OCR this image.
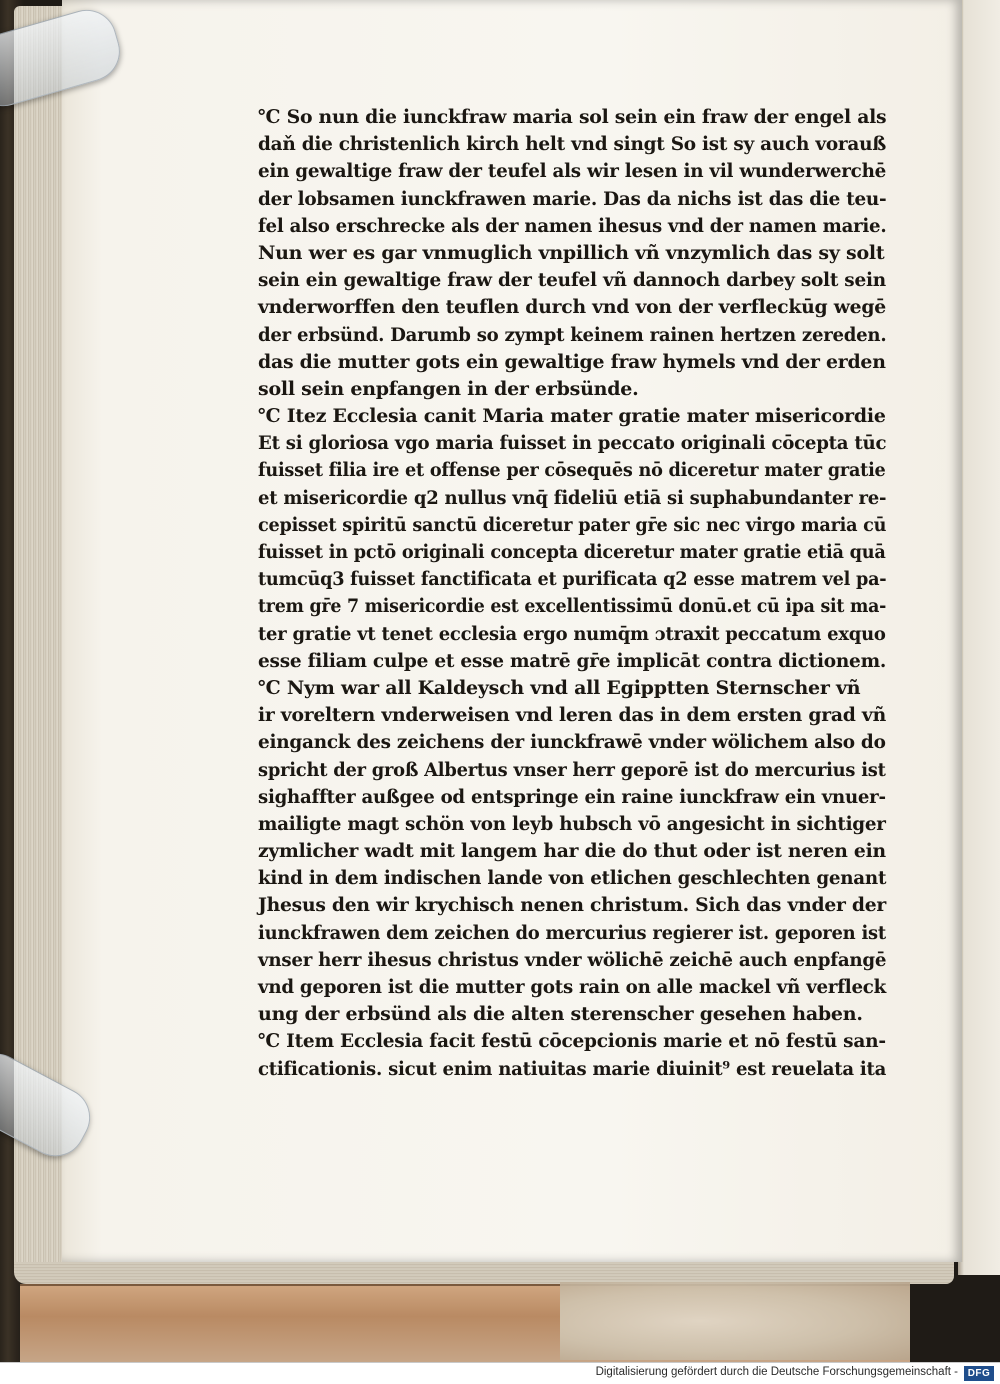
℃ So nun die iunckfraw maria sol sein ein fraw der engel als
daň die christenlich kirch helt vnd singt So ist sy auch vorauß
ein gewaltige fraw der teufel als wir lesen in vil wunderwerchē
der lobsamen iunckfrawen marie. Das da nichs ist das die teu-
fel also erschrecke als der namen ihesus vnd der namen marie.
Nun wer es gar vnmuglich vnpillich vñ vnzymlich das sy solt
sein ein gewaltige fraw der teufel vñ dannoch darbey solt sein
vnderworffen den teuflen durch vnd von der verfleckūg wegē
der erbsünd. Darumb so zympt keinem rainen hertzen zereden.
das die mutter gots ein gewaltige fraw hymels vnd der erden
soll sein enpfangen in der erbsünde.
℃ Itez Ecclesia canit Maria mater gratie mater misericordie
Et si gloriosa vgo maria fuisset in peccato originali cōcepta tūc
fuisset filia ire et offense per cōsequēs nō diceretur mater gratie
et misericordie q2 nullus vnq̄ fideliū etiā si suphabundanter re-
cepisset spiritū sanctū diceretur pater gr̄e sic nec virgo maria cū
fuisset in pctō originali concepta diceretur mater gratie etiā quā
tumcūq3 fuisset fanctificata et purificata q2 esse matrem vel pa-
trem gr̄e 7 misericordie est excellentissimū donū.et cū ipa sit ma-
ter gratie vt tenet ecclesia ergo numq̄m ɔtraxit peccatum exquo
esse filiam culpe et esse matrē gr̄e implicāt contra dictionem.
℃ Nym war all Kaldeysch vnd all Egipptten Sternscher vñ
ir voreltern vnderweisen vnd leren das in dem ersten grad vñ
einganck des zeichens der iunckfrawē vnder wölichem also do
spricht der groß Albertus vnser herr geporē ist do mercurius ist
sighaffter außgee od entspringe ein raine iunckfraw ein vnuer-
mailigte magt schön von leyb hubsch vō angesicht in sichtiger
zymlicher wadt mit langem har die do thut oder ist neren ein
kind in dem indischen lande von etlichen geschlechten genant
Jhesus den wir krychisch nenen christum. Sich das vnder der
iunckfrawen dem zeichen do mercurius regierer ist. geporen ist
vnser herr ihesus christus vnder wölichē zeichē auch enpfangē
vnd geporen ist die mutter gots rain on alle mackel vñ verfleck
ung der erbsünd als die alten sterenscher gesehen haben.
℃ Item Ecclesia facit festū cōcepcionis marie et nō festū san-
ctificationis. sicut enim natiuitas marie diuinit⁹ est reuelata ita
Digitalisierung gefördert durch die Deutsche Forschungsgemeinschaft - DFG
